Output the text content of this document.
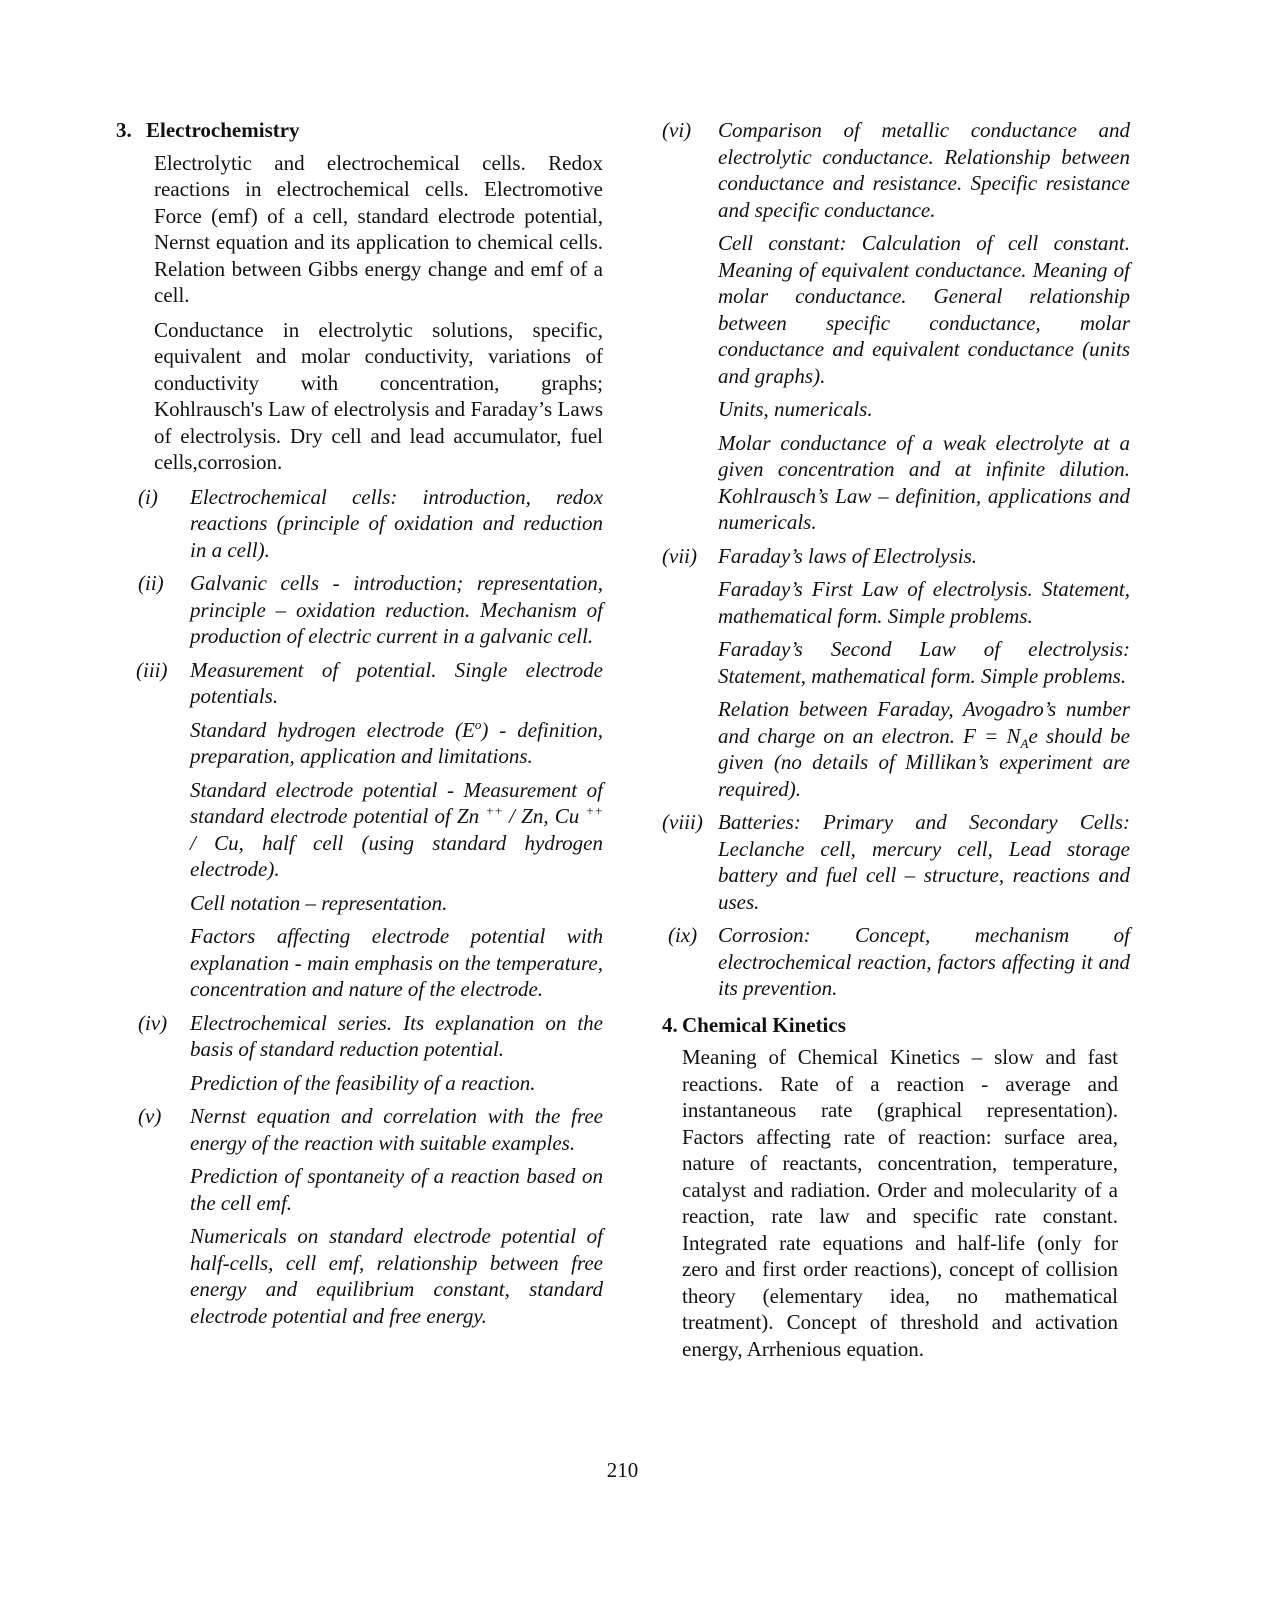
3. Electrochemistry

Electrolytic and electrochemical cells. Redox reactions in electrochemical cells. Electromotive Force (emf) of a cell, standard electrode potential, Nernst equation and its application to chemical cells. Relation between Gibbs energy change and emf of a cell.

Conductance in electrolytic solutions, specific, equivalent and molar conductivity, variations of conductivity with concentration, graphs; Kohlrausch's Law of electrolysis and Faraday’s Laws of electrolysis. Dry cell and lead accumulator, fuel cells,corrosion.

(i) Electrochemical cells: introduction, redox reactions (principle of oxidation and reduction in a cell).

(ii) Galvanic cells - introduction; representation, principle – oxidation reduction. Mechanism of production of electric current in a galvanic cell.

(iii) Measurement of potential. Single electrode potentials.

Standard hydrogen electrode $(E^o)$ - definition, preparation, application and limitations.

Standard electrode potential - Measurement of standard electrode potential of Zn ++ / Zn, Cu ++ / Cu, half cell (using standard hydrogen electrode).

Cell notation – representation.

Factors affecting electrode potential with explanation - main emphasis on the temperature, concentration and nature of the electrode.

(iv) Electrochemical series. Its explanation on the basis of standard reduction potential.

Prediction of the feasibility of a reaction.

(v) Nernst equation and correlation with the free energy of the reaction with suitable examples.

Prediction of spontaneity of a reaction based on the cell emf.

Numericals on standard electrode potential of half-cells, cell emf, relationship between free energy and equilibrium constant, standard electrode potential and free energy.

(vi) Comparison of metallic conductance and electrolytic conductance. Relationship between conductance and resistance. Specific resistance and specific conductance.

Cell constant: Calculation of cell constant. Meaning of equivalent conductance. Meaning of molar conductance. General relationship between specific conductance, molar conductance and equivalent conductance (units and graphs).

Units, numericals.

Molar conductance of a weak electrolyte at a given concentration and at infinite dilution. Kohlrausch’s Law – definition, applications and numericals.

(vii) Faraday’s laws of Electrolysis.

Faraday’s First Law of electrolysis. Statement, mathematical form. Simple problems.

Faraday’s Second Law of electrolysis: Statement, mathematical form. Simple problems.

Relation between Faraday, Avogadro’s number and charge on an electron. $F = N_Ae$ should be given (no details of Millikan’s experiment are required).

(viii) Batteries: Primary and Secondary Cells: Leclanche cell, mercury cell, Lead storage battery and fuel cell – structure, reactions and uses.

(ix) Corrosion: Concept, mechanism of electrochemical reaction, factors affecting it and its prevention.

4. Chemical Kinetics

Meaning of Chemical Kinetics – slow and fast reactions. Rate of a reaction - average and instantaneous rate (graphical representation). Factors affecting rate of reaction: surface area, nature of reactants, concentration, temperature, catalyst and radiation. Order and molecularity of a reaction, rate law and specific rate constant. Integrated rate equations and half-life (only for zero and first order reactions), concept of collision theory (elementary idea, no mathematical treatment). Concept of threshold and activation energy, Arrhenious equation.

210
